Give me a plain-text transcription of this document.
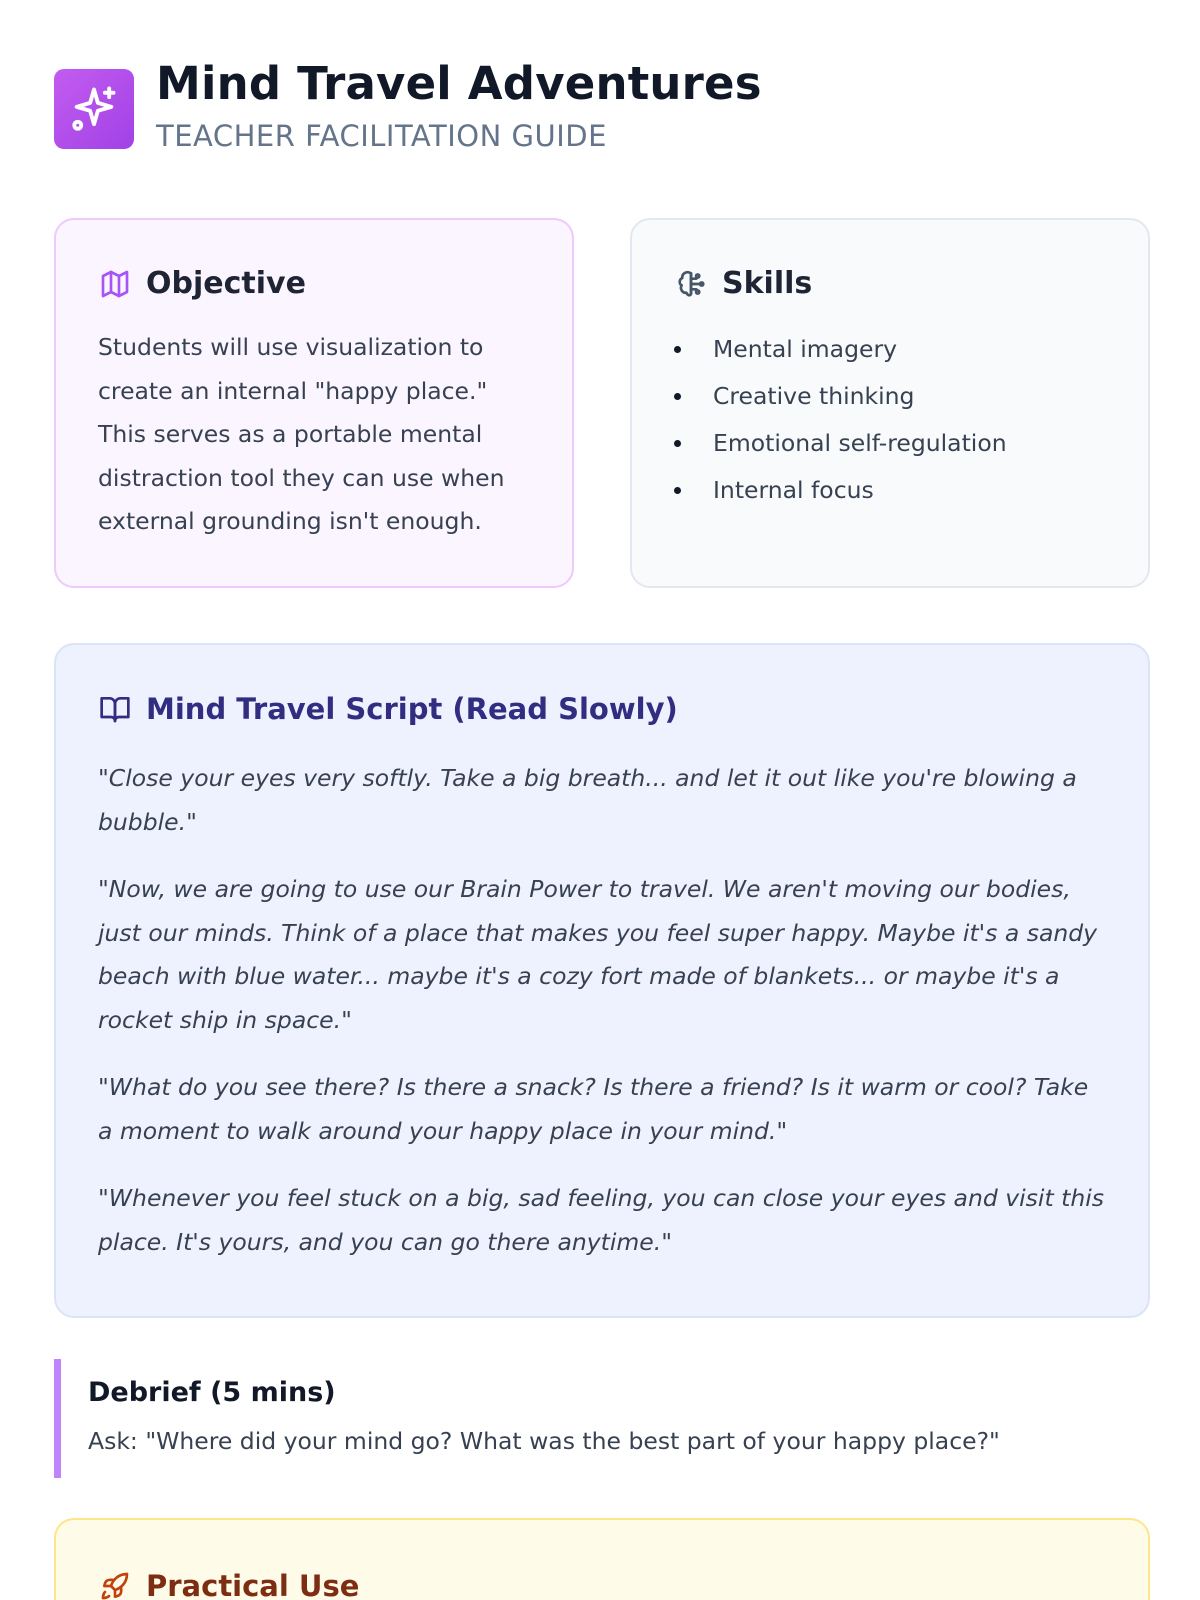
Mind Travel Adventures
TEACHER FACILITATION GUIDE
Objective

Students will use visualization to create an internal "happy place." This serves as a portable mental distraction tool they can use when external grounding isn't enough.

Skills
Mental imagery
Creative thinking
Emotional self-regulation
Internal focus
Mind Travel Script (Read Slowly)

"Close your eyes very softly. Take a big breath... and let it out like you're blowing a bubble."

"Now, we are going to use our Brain Power to travel. We aren't moving our bodies, just our minds. Think of a place that makes you feel super happy. Maybe it's a sandy beach with blue water... maybe it's a cozy fort made of blankets... or maybe it's a rocket ship in space."

"What do you see there? Is there a snack? Is there a friend? Is it warm or cool? Take a moment to walk around your happy place in your mind."

"Whenever you feel stuck on a big, sad feeling, you can close your eyes and visit this place. It's yours, and you can go there anytime."

Debrief (5 mins)

Ask: "Where did your mind go? What was the best part of your happy place?"

Practical Use
